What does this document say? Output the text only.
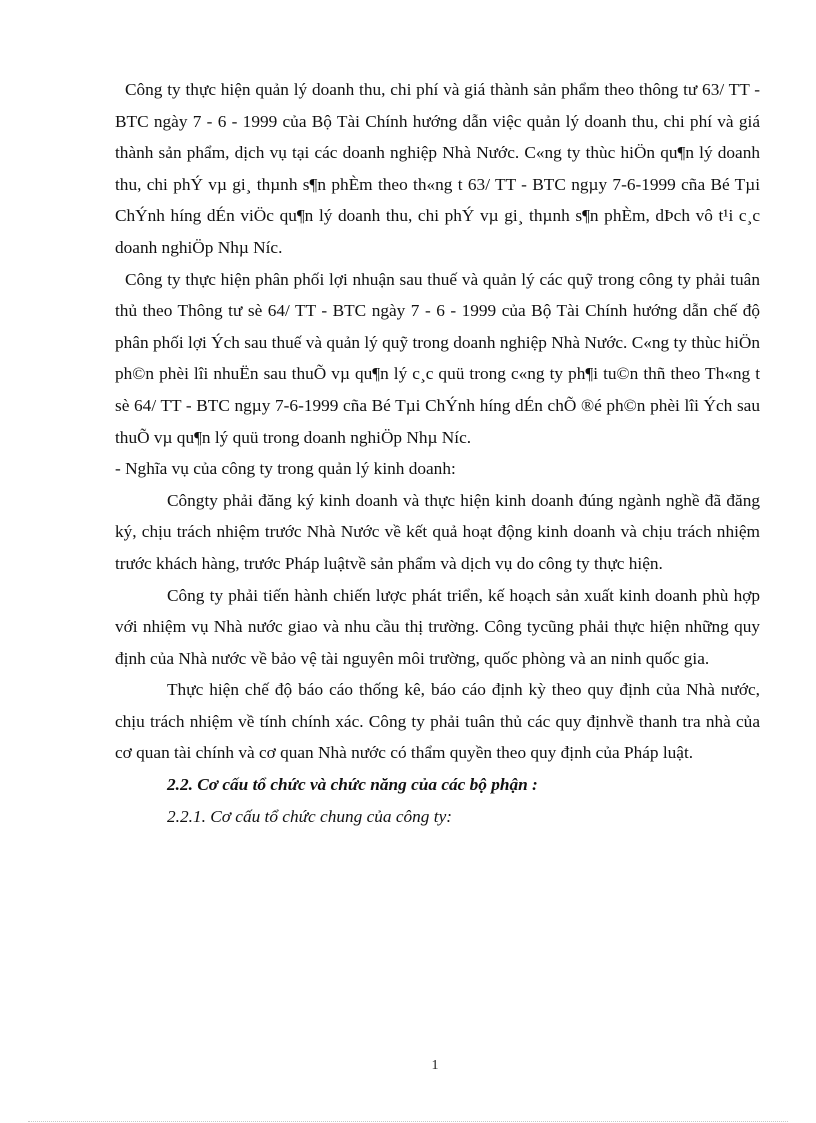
Công ty thực hiện quản lý doanh thu, chi phí và giá thành sản phẩm theo thông tư 63/ TT - BTC ngày 7 - 6 - 1999 của Bộ Tài Chính hướng dẫn việc quản lý doanh thu, chi phí và giá thành sản phẩm, dịch vụ tại các doanh nghiệp Nhà Nước. C«ng ty thùc hiÖn qu¶n lý doanh thu, chi phÝ vµ gi¸ thµnh s¶n phÈm theo th«ng t 63/ TT - BTC ngµy 7-6-1999 cña Bé Tµi ChÝnh híng dÉn viÖc qu¶n lý doanh thu, chi phÝ vµ gi¸ thµnh s¶n phÈm, dÞch vô t¹i c¸c doanh nghiÖp Nhµ Níc.

Công ty thực hiện phân phối lợi nhuận sau thuế và quản lý các quỹ trong công ty phải tuân thủ theo Thông tư sè 64/ TT - BTC ngày 7 - 6 - 1999 của Bộ Tài Chính hướng dẫn chế độ phân phối lợi Ých sau thuế và quản lý quỹ trong doanh nghiệp Nhà Nước. C«ng ty thùc hiÖn ph©n phèi lîi nhuËn sau thuÕ vµ qu¶n lý c¸c quü trong c«ng ty ph¶i tu©n thñ theo Th«ng t sè 64/ TT - BTC ngµy 7-6-1999 cña Bé Tµi ChÝnh híng dÉn chÕ ®é ph©n phèi lîi Ých sau thuÕ vµ qu¶n lý quü trong doanh nghiÖp Nhµ Níc.

- Nghĩa vụ của công ty trong quản lý kinh doanh:

Côngty phải đăng ký kinh doanh và thực hiện kinh doanh đúng ngành nghề đã đăng ký, chịu trách nhiệm trước Nhà Nước về kết quả hoạt động kinh doanh và chịu trách nhiệm trước khách hàng, trước Pháp luậtvề sản phẩm và dịch vụ do công ty thực hiện.

Công ty phải tiến hành chiến lược phát triển, kế hoạch sản xuất kinh doanh phù hợp với nhiệm vụ Nhà nước giao và nhu cầu thị trường. Công tycũng phải thực hiện những quy định của Nhà nước về bảo vệ tài nguyên môi trường, quốc phòng và an ninh quốc gia.

Thực hiện chế độ báo cáo thống kê, báo cáo định kỳ theo quy định của Nhà nước, chịu trách nhiệm về tính chính xác. Công ty phải tuân thủ các quy địnhvề thanh tra nhà của cơ quan tài chính và cơ quan Nhà nước có thẩm quyền theo quy định của Pháp luật.

2.2. Cơ cấu tổ chức và chức năng của các bộ phận :

2.2.1. Cơ cấu tổ chức chung của công ty:

1
